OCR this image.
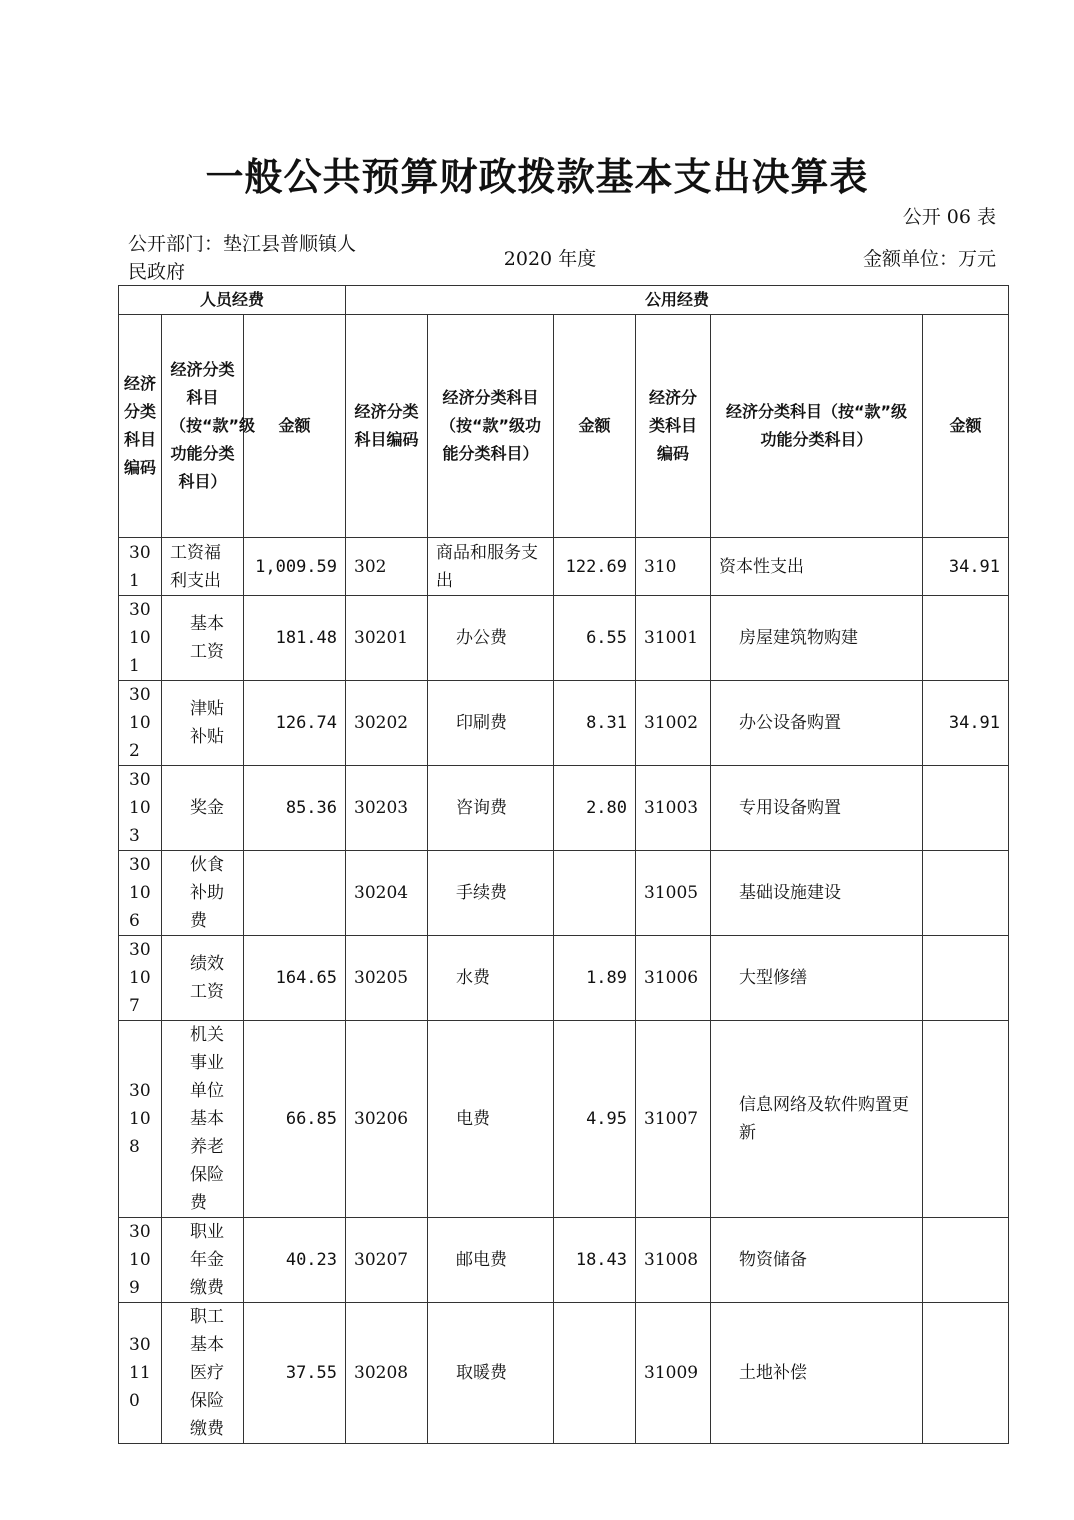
一般公共预算财政拨款基本支出决算表
公开 06 表
公开部门：垫江县普顺镇人民政府
2020 年度	金额单位：万元
人员经费			公用经费					
经济分类科目编码	经济分类科目（按“款”级功能分类科目）	金额	经济分类科目编码	经济分类科目（按“款”级功能分类科目）	金额	经济分类科目编码	经济分类科目（按“款”级功能分类科目）	金额
301	工资福利支出	1,009.59	302	商品和服务支出	122.69	310	资本性支出	34.91
30101	基本工资	181.48	30201	办公费	6.55	31001	房屋建筑物购建	
30102	津贴补贴	126.74	30202	印刷费	8.31	31002	办公设备购置	34.91
30103	奖金	85.36	30203	咨询费	2.80	31003	专用设备购置	
30106	伙食补助费		30204	手续费		31005	基础设施建设	
30107	绩效工资	164.65	30205	水费	1.89	31006	大型修缮	
30108	机关事业单位基本养老保险费	66.85	30206	电费	4.95	31007	信息网络及软件购置更新	
30109	职业年金缴费	40.23	30207	邮电费	18.43	31008	物资储备	
30110	职工基本医疗保险缴费	37.55	30208	取暖费		31009	土地补偿	
